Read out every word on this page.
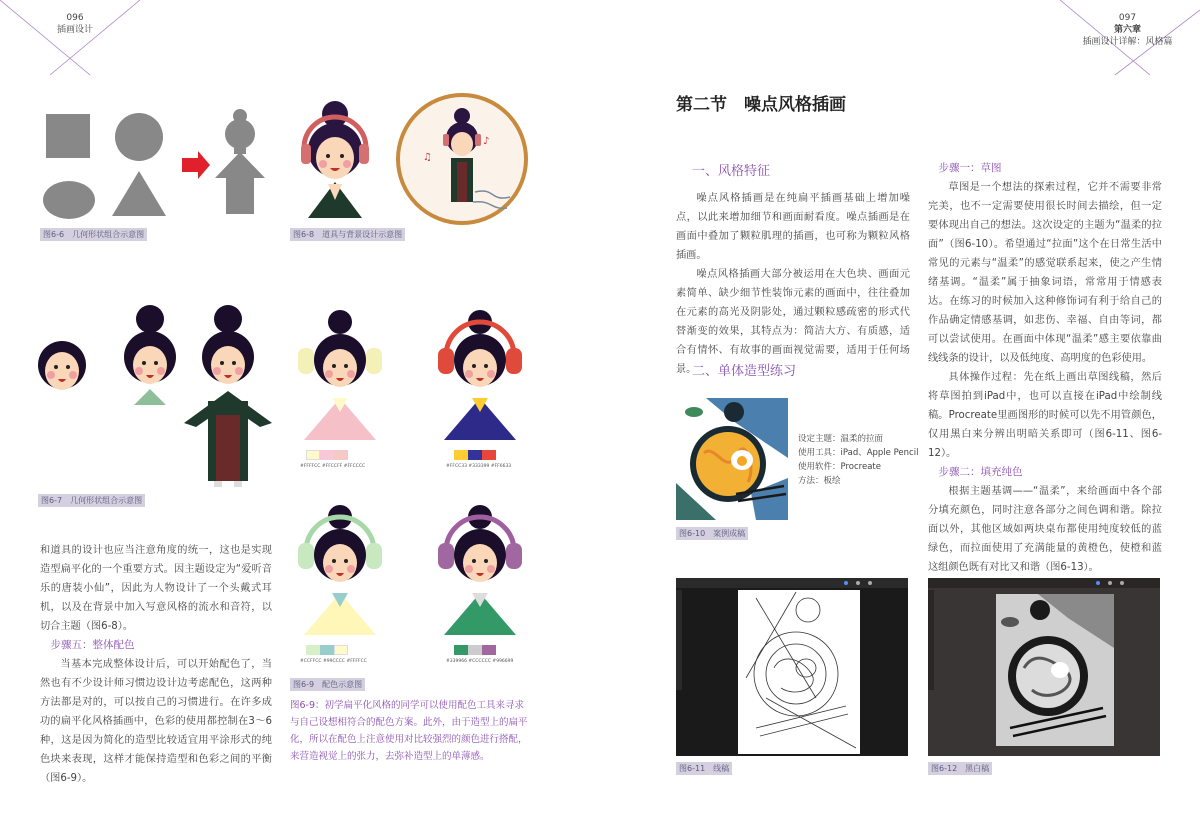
096
插画设计
097
第六章
插画设计详解：风格篇
图6-6　几何形状组合示意图
♪
♫
图6-8　道具与背景设计示意图
图6-7　几何形状组合示意图
#FFFFCC #FFCCFF #FFCCCC	#FFCC33 #333399 #FF6633
#CCFFCC #99CCCC #FFFFCC	#339966 #CCCCCC #996699
图6-9　配色示意图

和道具的设计也应当注意角度的统一，这也是实现造型扁平化的一个重要方式。因主题设定为“爱听音乐的唐装小仙”，因此为人物设计了一个头戴式耳机，以及在背景中加入写意风格的流水和音符，以切合主题（图6-8）。

步骤五：整体配色

当基本完成整体设计后，可以开始配色了，当然也有不少设计师习惯边设计边考虑配色，这两种方法都是对的，可以按自己的习惯进行。在许多成功的扁平化风格插画中，色彩的使用都控制在3～6种，这是因为简化的造型比较适宜用平涂形式的纯色块来表现，这样才能保持造型和色彩之间的平衡（图6-9）。

图6-9：初学扁平化风格的同学可以使用配色工具来寻求与自己设想相符合的配色方案。此外，由于造型上的扁平化，所以在配色上注意使用对比较强烈的颜色进行搭配，来营造视觉上的张力，去弥补造型上的单薄感。
第二节　噪点风格插画
一、风格特征

噪点风格插画是在纯扁平插画基础上增加噪点，以此来增加细节和画面耐看度。噪点插画是在画面中叠加了颗粒肌理的插画，也可称为颗粒风格插画。

噪点风格插画大部分被运用在大色块、画面元素简单、缺少细节性装饰元素的画面中，往往叠加在元素的高光及阴影处，通过颗粒感疏密的形式代替渐变的效果，其特点为：简洁大方、有质感，适合有情怀、有故事的画面视觉需要，适用于任何场景。

二、单体造型练习
设定主题：温柔的拉面
使用工具：iPad、Apple Pencil
使用软件：Procreate
方法：板绘
图6-10　案例成稿
步骤一：草图

草图是一个想法的探索过程，它并不需要非常完美，也不一定需要使用很长时间去描绘，但一定要体现出自己的想法。这次设定的主题为“温柔的拉面”（图6-10）。希望通过“拉面”这个在日常生活中常见的元素与“温柔”的感觉联系起来，使之产生情绪基调。“温柔”属于抽象词语，常常用于情感表达。在练习的时候加入这种修饰词有利于给自己的作品确定情感基调，如悲伤、幸福、自由等词，都可以尝试使用。在画面中体现“温柔”感主要依靠曲线线条的设计，以及低纯度、高明度的色彩使用。

具体操作过程：先在纸上画出草图线稿，然后将草图拍到iPad中，也可以直接在iPad中绘制线稿。Procreate里画图形的时候可以先不用管颜色，仅用黑白来分辨出明暗关系即可（图6-11、图6-12）。

步骤二：填充纯色

根据主题基调——“温柔”，来给画面中各个部分填充颜色，同时注意各部分之间色调和谐。除拉面以外，其他区域如两块桌布都使用纯度较低的蓝绿色，而拉面使用了充满能量的黄橙色，使橙和蓝这组颜色既有对比又和谐（图6-13）。

图6-11　线稿	图6-12　黑白稿
